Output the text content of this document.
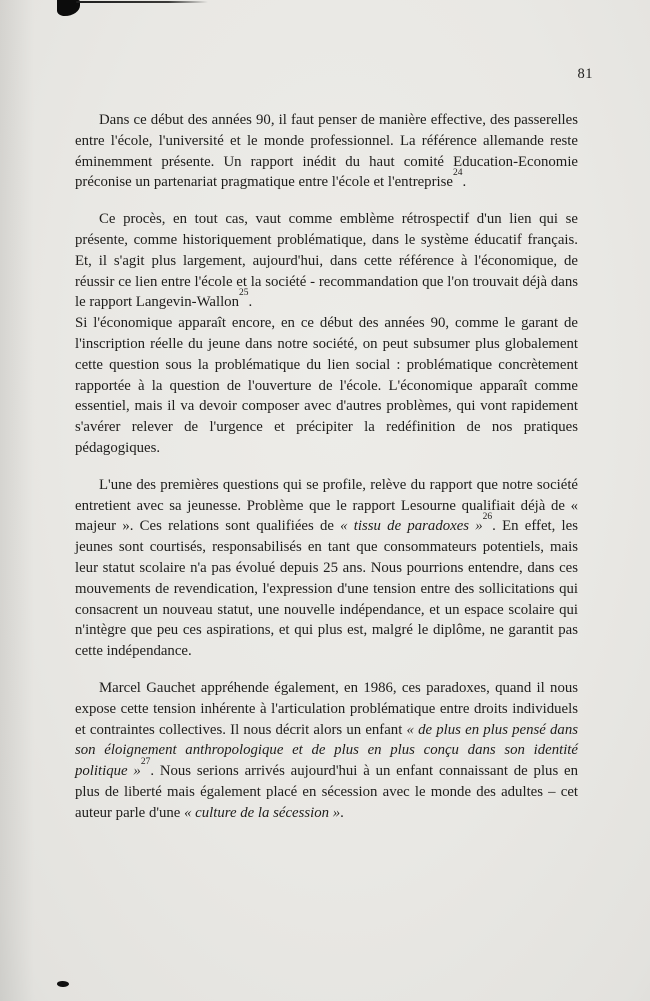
81

Dans ce début des années 90, il faut penser de manière effective, des passerelles entre l'école, l'université et le monde professionnel. La référence allemande reste éminemment présente. Un rapport inédit du haut comité Education-Economie préconise un partenariat pragmatique entre l'école et l'entreprise$^{24}$.

Ce procès, en tout cas, vaut comme emblème rétrospectif d'un lien qui se présente, comme historiquement problématique, dans le système éducatif français. Et, il s'agit plus largement, aujourd'hui, dans cette référence à l'économique, de réussir ce lien entre l'école et la société - recommandation que l'on trouvait déjà dans le rapport Langevin-Wallon$^{25}$.

Si l'économique apparaît encore, en ce début des années 90, comme le garant de l'inscription réelle du jeune dans notre société, on peut subsumer plus globalement cette question sous la problématique du lien social : problématique concrètement rapportée à la question de l'ouverture de l'école. L'économique apparaît comme essentiel, mais il va devoir composer avec d'autres problèmes, qui vont rapidement s'avérer relever de l'urgence et précipiter la redéfinition de nos pratiques pédagogiques.

L'une des premières questions qui se profile, relève du rapport que notre société entretient avec sa jeunesse. Problème que le rapport Lesourne qualifiait déjà de « majeur ». Ces relations sont qualifiées de « tissu de paradoxes »$^{26}$. En effet, les jeunes sont courtisés, responsabilisés en tant que consommateurs potentiels, mais leur statut scolaire n'a pas évolué depuis 25 ans. Nous pourrions entendre, dans ces mouvements de revendication, l'expression d'une tension entre des sollicitations qui consacrent un nouveau statut, une nouvelle indépendance, et un espace scolaire qui n'intègre que peu ces aspirations, et qui plus est, malgré le diplôme, ne garantit pas cette indépendance.

Marcel Gauchet appréhende également, en 1986, ces paradoxes, quand il nous expose cette tension inhérente à l'articulation problématique entre droits individuels et contraintes collectives. Il nous décrit alors un enfant « de plus en plus pensé dans son éloignement anthropologique et de plus en plus conçu dans son identité politique »$^{27}$. Nous serions arrivés aujourd'hui à un enfant connaissant de plus en plus de liberté mais également placé en sécession avec le monde des adultes – cet auteur parle d'une « culture de la sécession ».
